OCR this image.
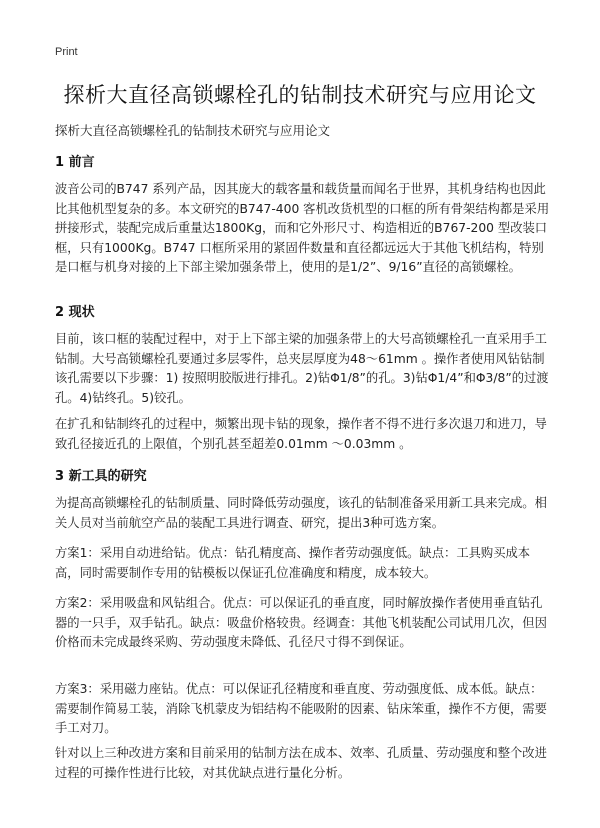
Print
探析大直径高锁螺栓孔的钻制技术研究与应用论文
探析大直径高锁螺栓孔的钻制技术研究与应用论文
1 前言

波音公司的B747 系列产品，因其庞大的载客量和载货量而闻名于世界，其机身结构也因此比其他机型复杂的多。本文研究的B747-400 客机改货机型的口框的所有骨架结构都是采用拼接形式，装配完成后重量达1800Kg，而和它外形尺寸、构造相近的B767-200 型改装口框，只有1000Kg。B747 口框所采用的紧固件数量和直径都远远大于其他飞机结构，特别是口框与机身对接的上下部主梁加强条带上，使用的是1/2”、9/16”直径的高锁螺栓。

2 现状

目前，该口框的装配过程中，对于上下部主梁的加强条带上的大号高锁螺栓孔一直采用手工钻制。大号高锁螺栓孔要通过多层零件，总夹层厚度为48～61mm 。操作者使用风钻钻制该孔需要以下步骤：1) 按照明胶版进行排孔。2)钻Φ1/8”的孔。3)钻Φ1/4”和Φ3/8”的过渡孔。4)钻终孔。5)铰孔。

在扩孔和钻制终孔的过程中，频繁出现卡钻的现象，操作者不得不进行多次退刀和进刀，导致孔径接近孔的上限值，个别孔甚至超差0.01mm ～0.03mm 。

3 新工具的研究

为提高高锁螺栓孔的钻制质量、同时降低劳动强度，该孔的钻制准备采用新工具来完成。相关人员对当前航空产品的装配工具进行调查、研究，提出3种可选方案。

方案1：采用自动进给钻。优点：钻孔精度高、操作者劳动强度低。缺点：工具购买成本高，同时需要制作专用的钻模板以保证孔位准确度和精度，成本较大。

方案2：采用吸盘和风钻组合。优点：可以保证孔的垂直度，同时解放操作者使用垂直钻孔器的一只手，双手钻孔。缺点：吸盘价格较贵。经调查：其他飞机装配公司试用几次，但因价格而未完成最终采购、劳动强度未降低、孔径尺寸得不到保证。

方案3：采用磁力座钻。优点：可以保证孔径精度和垂直度、劳动强度低、成本低。缺点：需要制作简易工装，消除飞机蒙皮为铝结构不能吸附的因素、钻床笨重，操作不方便，需要手工对刀。

针对以上三种改进方案和目前采用的钻制方法在成本、效率、孔质量、劳动强度和整个改进过程的可操作性进行比较，对其优缺点进行量化分析。
